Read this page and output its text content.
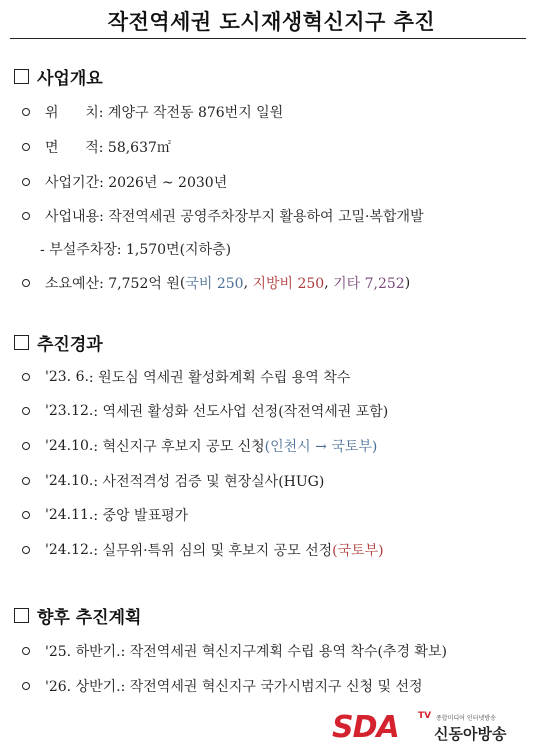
작전역세권 도시재생혁신지구 추진
사업개요
위      치 : 계양구 작전동 876번지 일원
면      적 : 58,637㎡
사업기간 : 2026년 ~ 2030년
사업내용 : 작전역세권 공영주차장부지 활용하여 고밀·복합개발
- 부설주차장: 1,570면(지하층)
소요예산 : 7,752억 원 ( 국비 250 , 지방비 250 , 기타 7,252 )
추진경과
'23. 6. : 원도심 역세권 활성화계획 수립 용역 착수
'23.12. : 역세권 활성화 선도사업 선정(작전역세권 포함)
'24.10. : 혁신지구 후보지 공모 신청 (인천시 → 국토부)
'24.10. : 사전적격성 검증 및 현장실사(HUG)
'24.11. : 중앙 발표평가
'24.12. : 실무위·특위 심의 및 후보지 공모 선정 (국토부)
향후 추진계획
'25. 하반기. : 작전역세권 혁신지구계획 수립 용역 착수(추경 확보)
'26. 상반기. : 작전역세권 혁신지구 국가시범지구 신청 및 선정
SDA TV 종합미디어 인터넷방송
신동아방송
